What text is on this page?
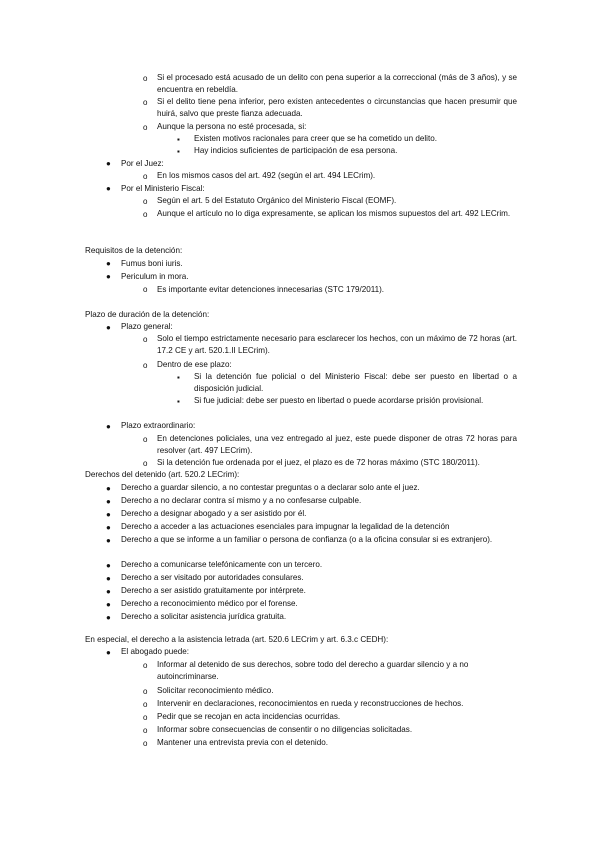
o Si el procesado está acusado de un delito con pena superior a la correccional (más de 3 años), y se encuentra en rebeldía.
o Si el delito tiene pena inferior, pero existen antecedentes o circunstancias que hacen presumir que huirá, salvo que preste fianza adecuada.
o Aunque la persona no esté procesada, si:
▪ Existen motivos racionales para creer que se ha cometido un delito.
▪ Hay indicios suficientes de participación de esa persona.
● Por el Juez:
o En los mismos casos del art. 492 (según el art. 494 LECrim).
● Por el Ministerio Fiscal:
o Según el art. 5 del Estatuto Orgánico del Ministerio Fiscal (EOMF).
o Aunque el artículo no lo diga expresamente, se aplican los mismos supuestos del art. 492 LECrim.
Requisitos de la detención:
● Fumus boni iuris.
● Periculum in mora.
o Es importante evitar detenciones innecesarias (STC 179/2011).
Plazo de duración de la detención:
● Plazo general:
o Solo el tiempo estrictamente necesario para esclarecer los hechos, con un máximo de 72 horas (art. 17.2 CE y art. 520.1.II LECrim).
o Dentro de ese plazo:
▪ Si la detención fue policial o del Ministerio Fiscal: debe ser puesto en libertad o a disposición judicial.
▪ Si fue judicial: debe ser puesto en libertad o puede acordarse prisión provisional.
● Plazo extraordinario:
o En detenciones policiales, una vez entregado al juez, este puede disponer de otras 72 horas para resolver (art. 497 LECrim).
o Si la detención fue ordenada por el juez, el plazo es de 72 horas máximo (STC 180/2011).
Derechos del detenido (art. 520.2 LECrim):
● Derecho a guardar silencio, a no contestar preguntas o a declarar solo ante el juez.
● Derecho a no declarar contra sí mismo y a no confesarse culpable.
● Derecho a designar abogado y a ser asistido por él.
● Derecho a acceder a las actuaciones esenciales para impugnar la legalidad de la detención
● Derecho a que se informe a un familiar o persona de confianza (o a la oficina consular si es extranjero).
● Derecho a comunicarse telefónicamente con un tercero.
● Derecho a ser visitado por autoridades consulares.
● Derecho a ser asistido gratuitamente por intérprete.
● Derecho a reconocimiento médico por el forense.
● Derecho a solicitar asistencia jurídica gratuita.
En especial, el derecho a la asistencia letrada (art. 520.6 LECrim y art. 6.3.c CEDH):
● El abogado puede:
o Informar al detenido de sus derechos, sobre todo del derecho a guardar silencio y a no autoincriminarse.
o Solicitar reconocimiento médico.
o Intervenir en declaraciones, reconocimientos en rueda y reconstrucciones de hechos.
o Pedir que se recojan en acta incidencias ocurridas.
o Informar sobre consecuencias de consentir o no diligencias solicitadas.
o Mantener una entrevista previa con el detenido.
